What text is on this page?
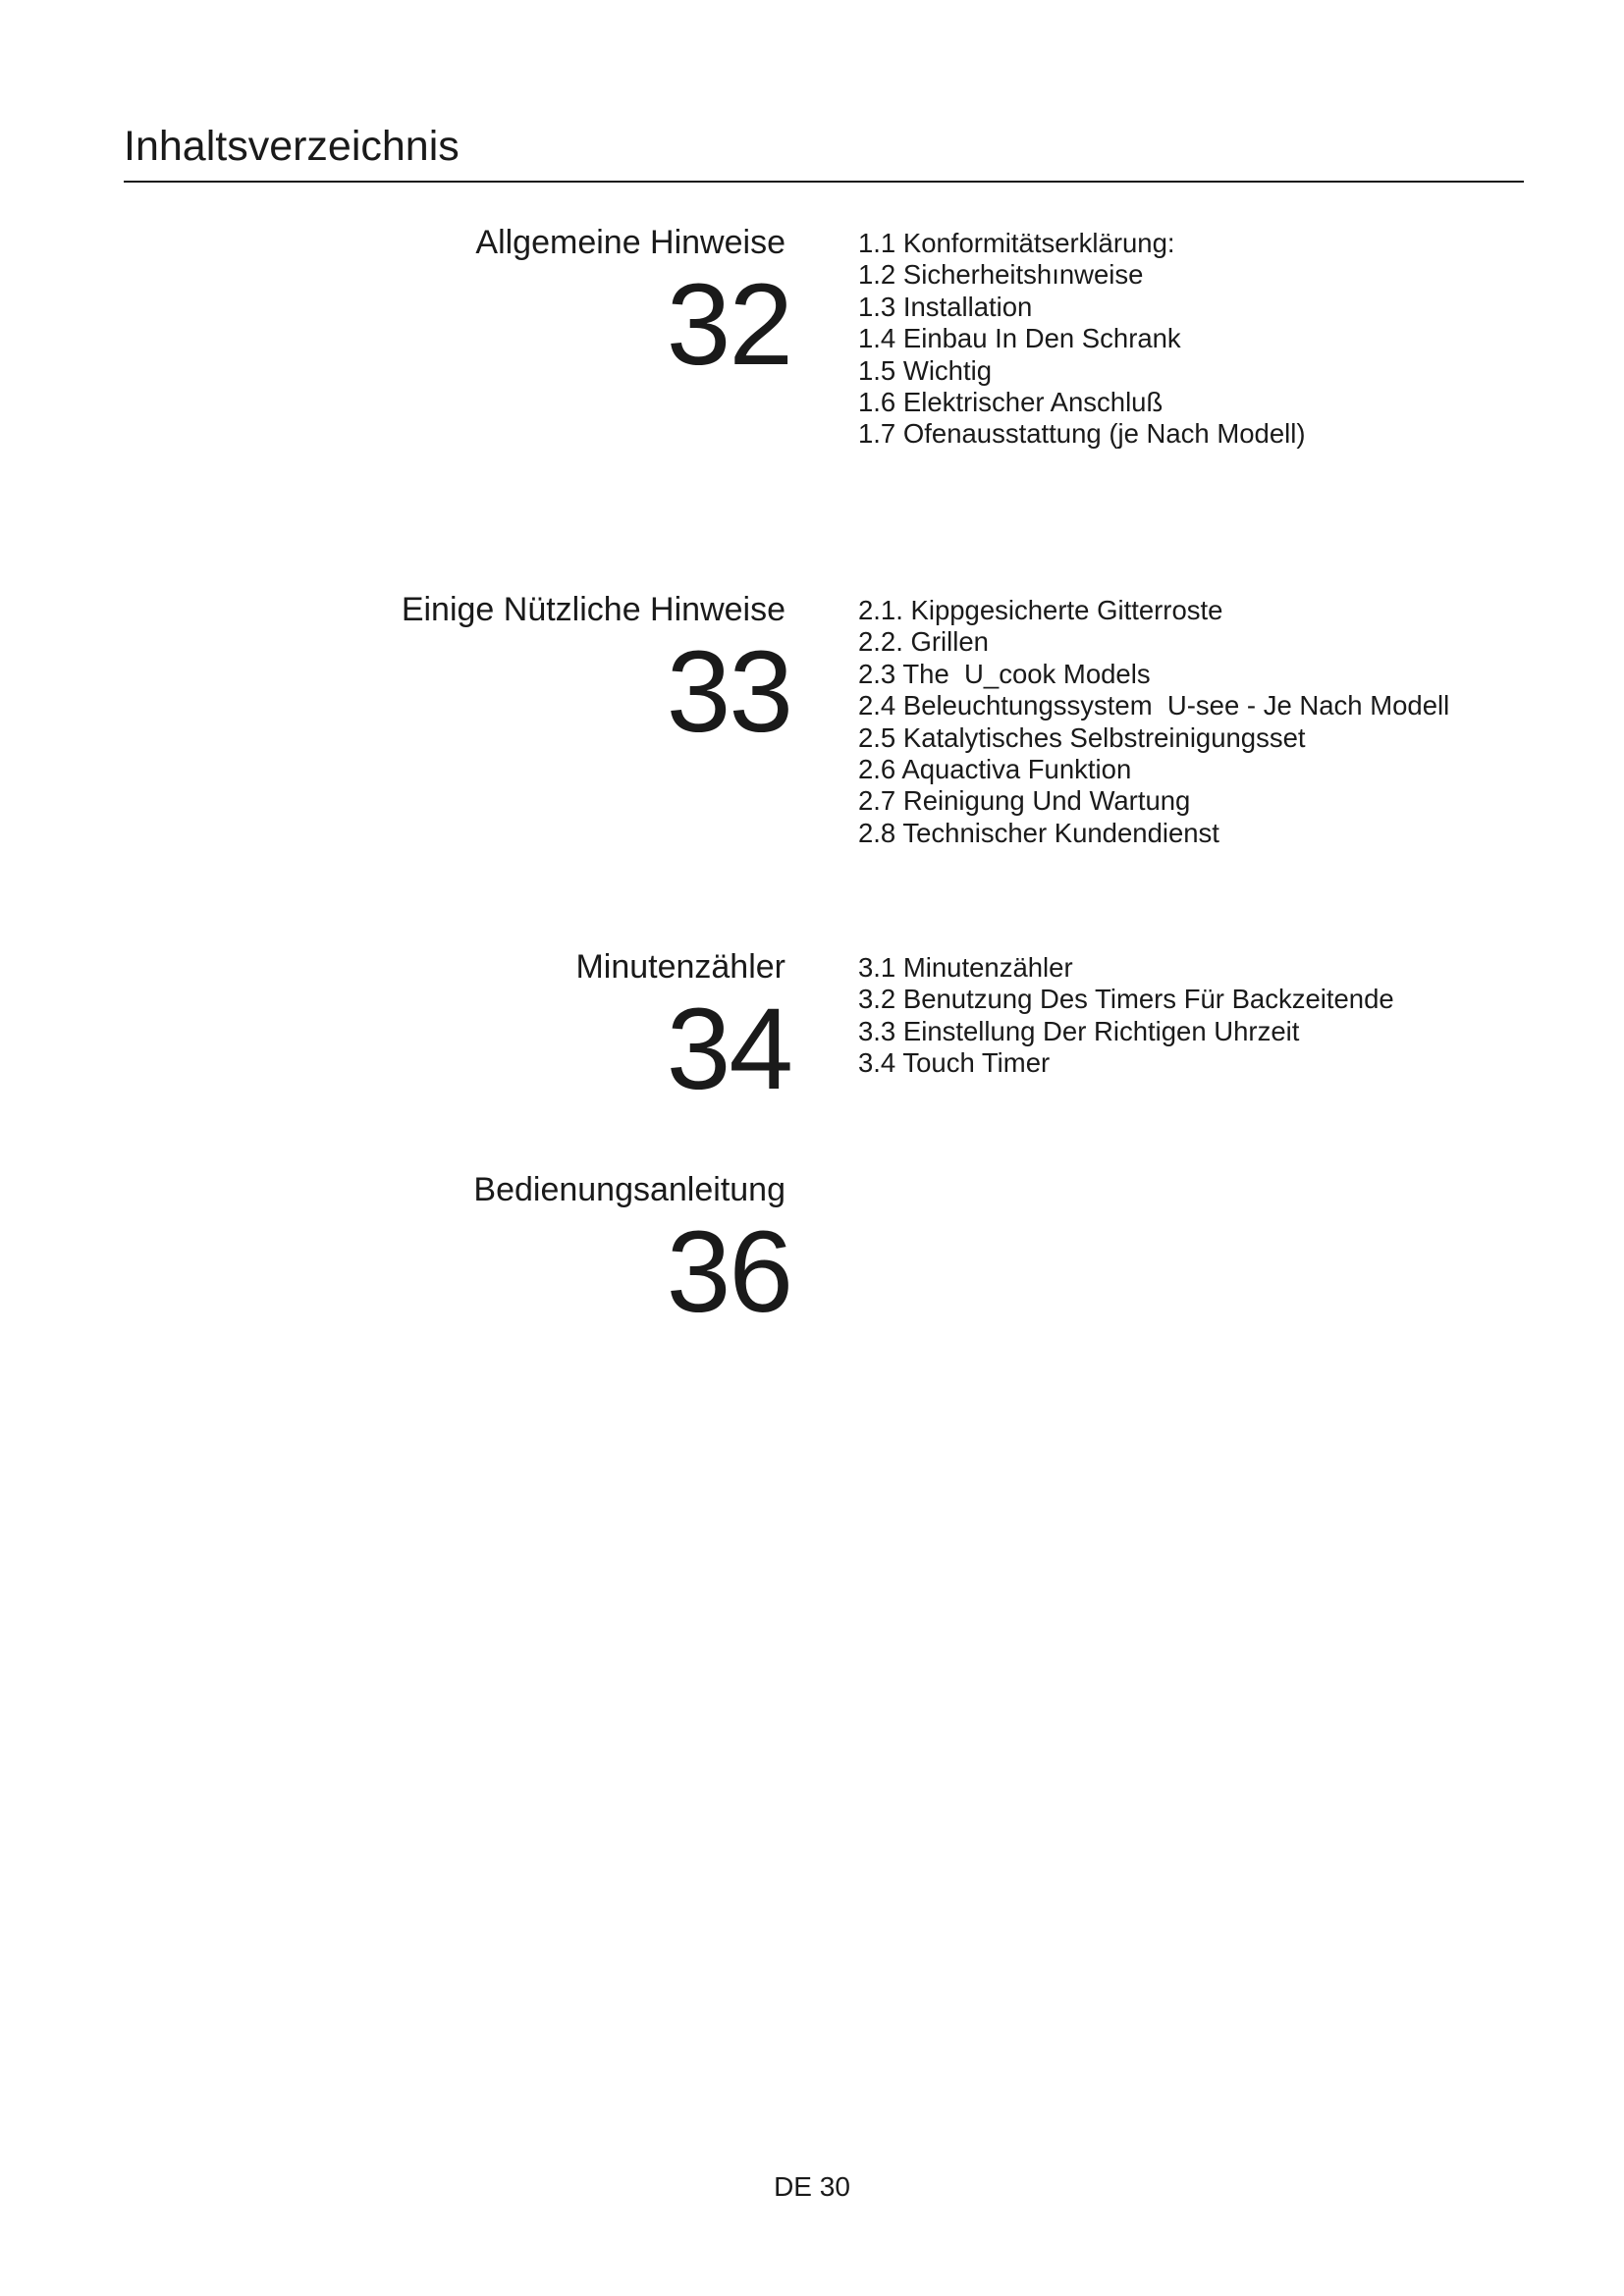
Inhaltsverzeichnis
Allgemeine Hinweise
32
1.1 Konformitätserklärung:
1.2 Sicherheitshınweise
1.3 Installation
1.4 Einbau In Den Schrank
1.5 Wichtig
1.6 Elektrischer Anschluß
1.7 Ofenausstattung (je Nach Modell)
Einige Nützliche Hinweise
33
2.1. Kippgesicherte Gitterroste
2.2. Grillen
2.3 The  U_cook Models
2.4 Beleuchtungssystem  U-see - Je Nach Modell
2.5 Katalytisches Selbstreinigungsset
2.6 Aquactiva Funktion
2.7 Reinigung Und Wartung
2.8 Technischer Kundendienst
Minutenzähler
34
3.1 Minutenzähler
3.2 Benutzung Des Timers Für Backzeitende
3.3 Einstellung Der Richtigen Uhrzeit
3.4 Touch Timer
Bedienungsanleitung
36
DE 30
